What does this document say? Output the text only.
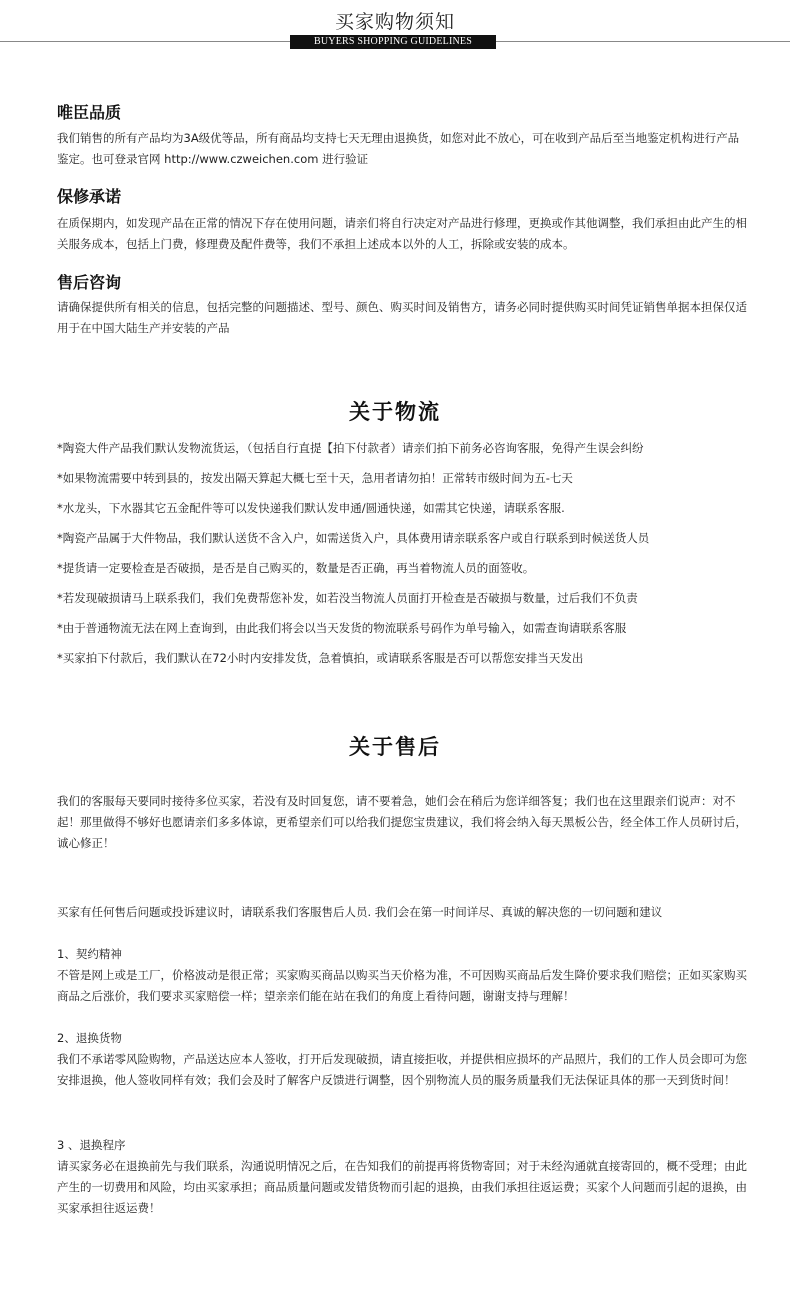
买家购物须知
BUYERS SHOPPING GUIDELINES
唯臣品质
我们销售的所有产品均为3A级优等品，所有商品均支持七天无理由退换货，如您对此不放心，可在收到产品后至当地鉴定机构进行产品鉴定。也可登录官网 http://www.czweichen.com 进行验证
保修承诺
在质保期内，如发现产品在正常的情况下存在使用问题，请亲们将自行决定对产品进行修理，更换或作其他调整，我们承担由此产生的相关服务成本，包括上门费，修理费及配件费等，我们不承担上述成本以外的人工，拆除或安装的成本。
售后咨询
请确保提供所有相关的信息，包括完整的问题描述、型号、颜色、购买时间及销售方，请务必同时提供购买时间凭证销售单据本担保仅适用于在中国大陆生产并安装的产品
关于物流
*陶瓷大件产品我们默认发物流货运，（包括自行直提【拍下付款者）请亲们拍下前务必咨询客服，免得产生误会纠纷
*如果物流需要中转到县的，按发出隔天算起大概七至十天，急用者请勿拍！正常转市级时间为五-七天
*水龙头，下水器其它五金配件等可以发快递我们默认发申通/圆通快递，如需其它快递，请联系客服.
*陶瓷产品属于大件物品，我们默认送货不含入户，如需送货入户，具体费用请亲联系客户或自行联系到时候送货人员
*提货请一定要检查是否破损，是否是自己购买的，数量是否正确，再当着物流人员的面签收。
*若发现破损请马上联系我们，我们免费帮您补发，如若没当物流人员面打开检查是否破损与数量，过后我们不负责
*由于普通物流无法在网上查询到，由此我们将会以当天发货的物流联系号码作为单号输入，如需查询请联系客服
*买家拍下付款后，我们默认在72小时内安排发货，急着慎拍，或请联系客服是否可以帮您安排当天发出
关于售后
我们的客服每天要同时接待多位买家，若没有及时回复您，请不要着急，她们会在稍后为您详细答复；我们也在这里跟亲们说声：对不起！那里做得不够好也愿请亲们多多体谅，更希望亲们可以给我们提您宝贵建议，我们将会纳入每天黑板公告，经全体工作人员研讨后，诚心修正！
买家有任何售后问题或投诉建议时，请联系我们客服售后人员. 我们会在第一时间详尽、真诚的解决您的一切问题和建议
1、契约精神
不管是网上或是工厂，价格波动是很正常；买家购买商品以购买当天价格为准，不可因购买商品后发生降价要求我们赔偿；正如买家购买商品之后涨价，我们要求买家赔偿一样；望亲亲们能在站在我们的角度上看待问题，谢谢支持与理解！
2、退换货物
我们不承诺零风险购物，产品送达应本人签收，打开后发现破损，请直接拒收，并提供相应损坏的产品照片，我们的工作人员会即可为您安排退换，他人签收同样有效；我们会及时了解客户反馈进行调整，因个别物流人员的服务质量我们无法保证具体的那一天到货时间！
3 、退换程序
请买家务必在退换前先与我们联系，沟通说明情况之后，在告知我们的前提再将货物寄回；对于未经沟通就直接寄回的，概不受理；由此产生的一切费用和风险，均由买家承担；商品质量问题或发错货物而引起的退换，由我们承担往返运费；买家个人问题而引起的退换，由买家承担往返运费！
